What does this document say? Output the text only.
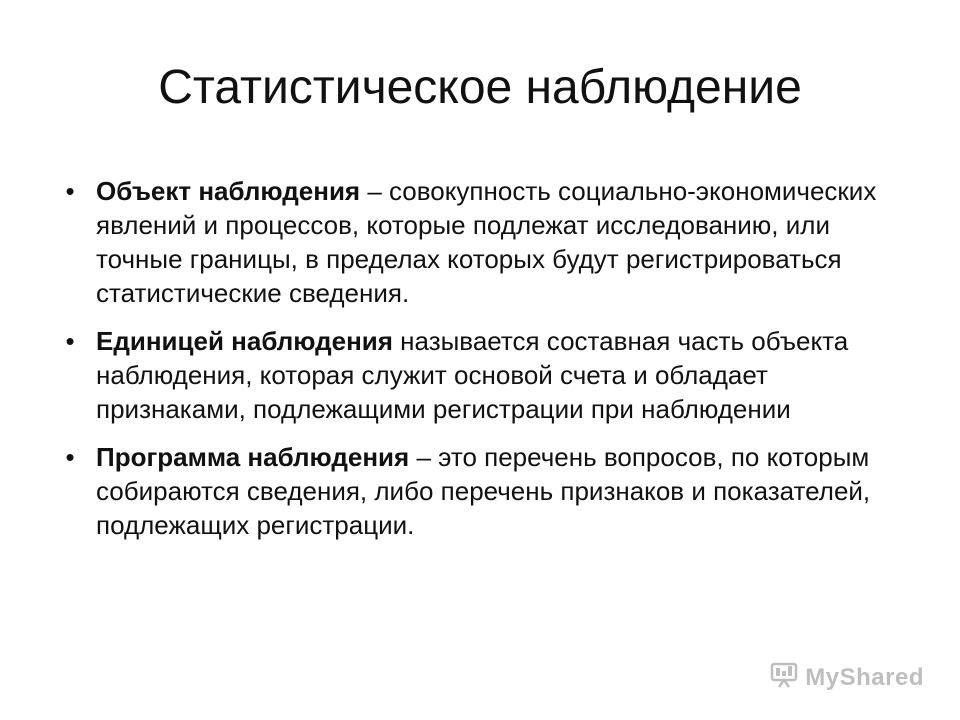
Статистическое наблюдение
• Объект наблюдения – совокупность социально-экономических явлений и процессов, которые подлежат исследованию, или точные границы, в пределах которых будут регистрироваться статистические сведения.
• Единицей наблюдения называется составная часть объекта наблюдения, которая служит основой счета и обладает признаками, подлежащими регистрации при наблюдении
• Программа наблюдения – это перечень вопросов, по которым собираются сведения, либо перечень признаков и показателей, подлежащих регистрации.
MyShared
